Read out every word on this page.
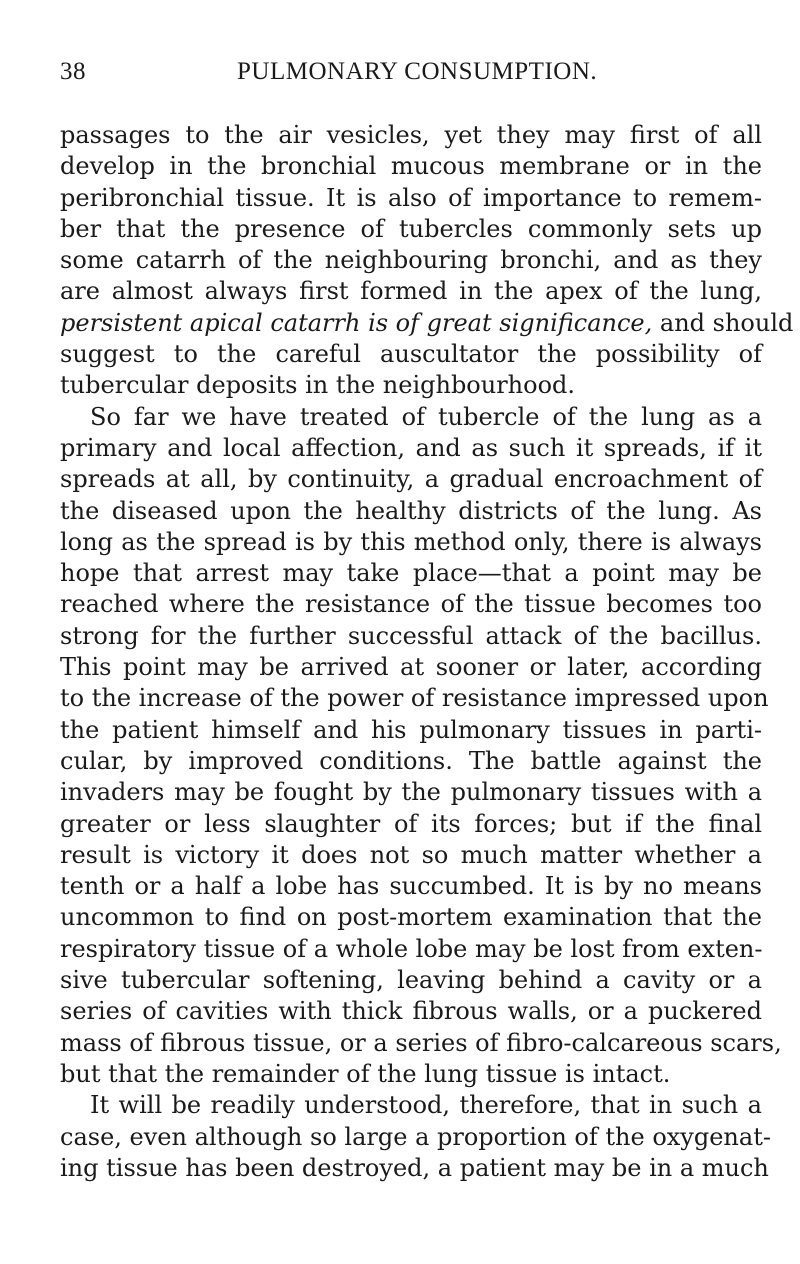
38	PULMONARY CONSUMPTION.

passages to the air vesicles, yet they may first of all
develop in the bronchial mucous membrane or in the
peribronchial tissue. It is also of importance to remem-
ber that the presence of tubercles commonly sets up
some catarrh of the neighbouring bronchi, and as they
are almost always first formed in the apex of the lung,
persistent apical catarrh is of great significance, and should
suggest to the careful auscultator the possibility of
tubercular deposits in the neighbourhood.

So far we have treated of tubercle of the lung as a
primary and local affection, and as such it spreads, if it
spreads at all, by continuity, a gradual encroachment of
the diseased upon the healthy districts of the lung. As
long as the spread is by this method only, there is always
hope that arrest may take place—that a point may be
reached where the resistance of the tissue becomes too
strong for the further successful attack of the bacillus.
This point may be arrived at sooner or later, according
to the increase of the power of resistance impressed upon
the patient himself and his pulmonary tissues in parti-
cular, by improved conditions. The battle against the
invaders may be fought by the pulmonary tissues with a
greater or less slaughter of its forces; but if the final
result is victory it does not so much matter whether a
tenth or a half a lobe has succumbed. It is by no means
uncommon to find on post-mortem examination that the
respiratory tissue of a whole lobe may be lost from exten-
sive tubercular softening, leaving behind a cavity or a
series of cavities with thick fibrous walls, or a puckered
mass of fibrous tissue, or a series of fibro-calcareous scars,
but that the remainder of the lung tissue is intact.

It will be readily understood, therefore, that in such a
case, even although so large a proportion of the oxygenat-
ing tissue has been destroyed, a patient may be in a much
